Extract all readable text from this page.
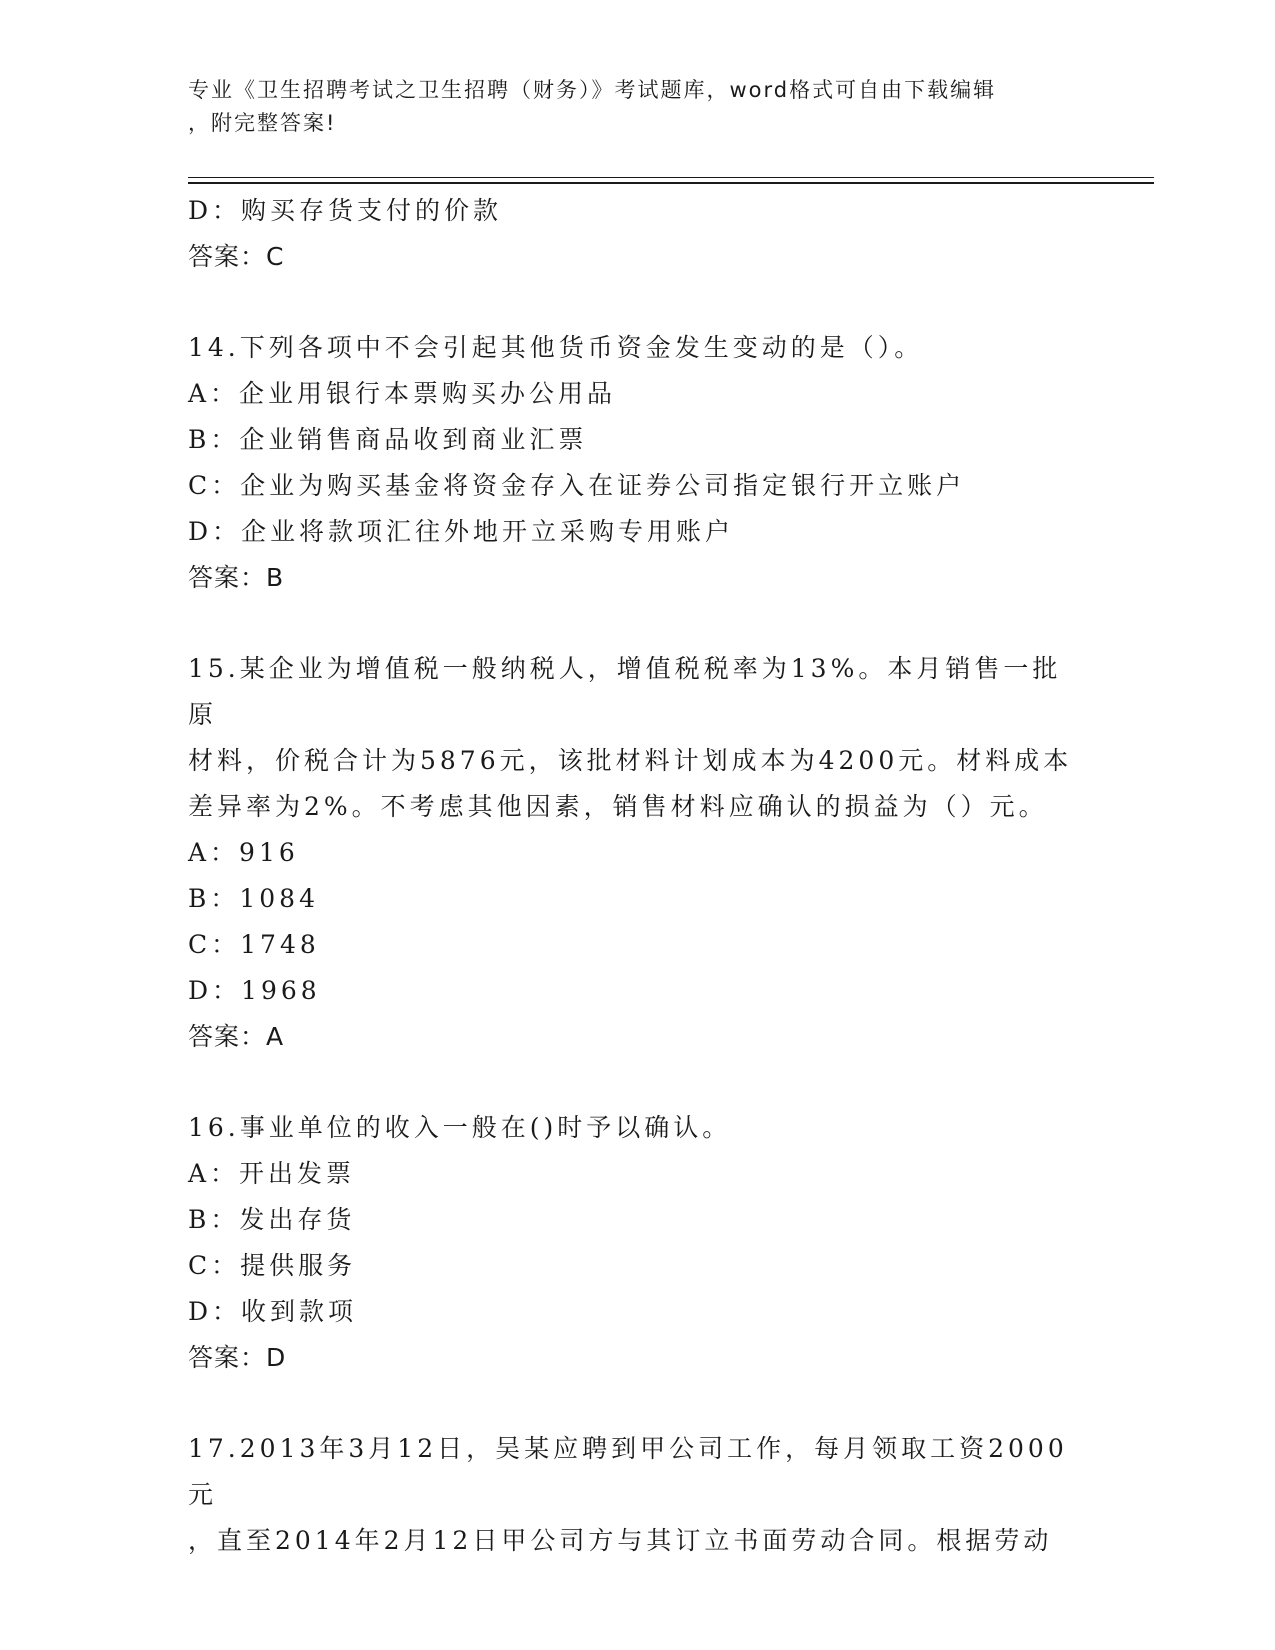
专业《卫生招聘考试之卫生招聘（财务）》考试题库，word格式可自由下载编辑
，附完整答案!
D：购买存货支付的价款
答案：C
14.下列各项中不会引起其他货币资金发生变动的是（）。
A：企业用银行本票购买办公用品
B：企业销售商品收到商业汇票
C：企业为购买基金将资金存入在证券公司指定银行开立账户
D：企业将款项汇往外地开立采购专用账户
答案：B
15.某企业为增值税一般纳税人，增值税税率为13%。本月销售一批原
材料，价税合计为5876元，该批材料计划成本为4200元。材料成本
差异率为2%。不考虑其他因素，销售材料应确认的损益为（）元。
A：916
B：1084
C：1748
D：1968
答案：A
16.事业单位的收入一般在()时予以确认。
A：开出发票
B：发出存货
C：提供服务
D：收到款项
答案：D
17.2013年3月12日，吴某应聘到甲公司工作，每月领取工资2000元
，直至2014年2月12日甲公司方与其订立书面劳动合同。根据劳动
